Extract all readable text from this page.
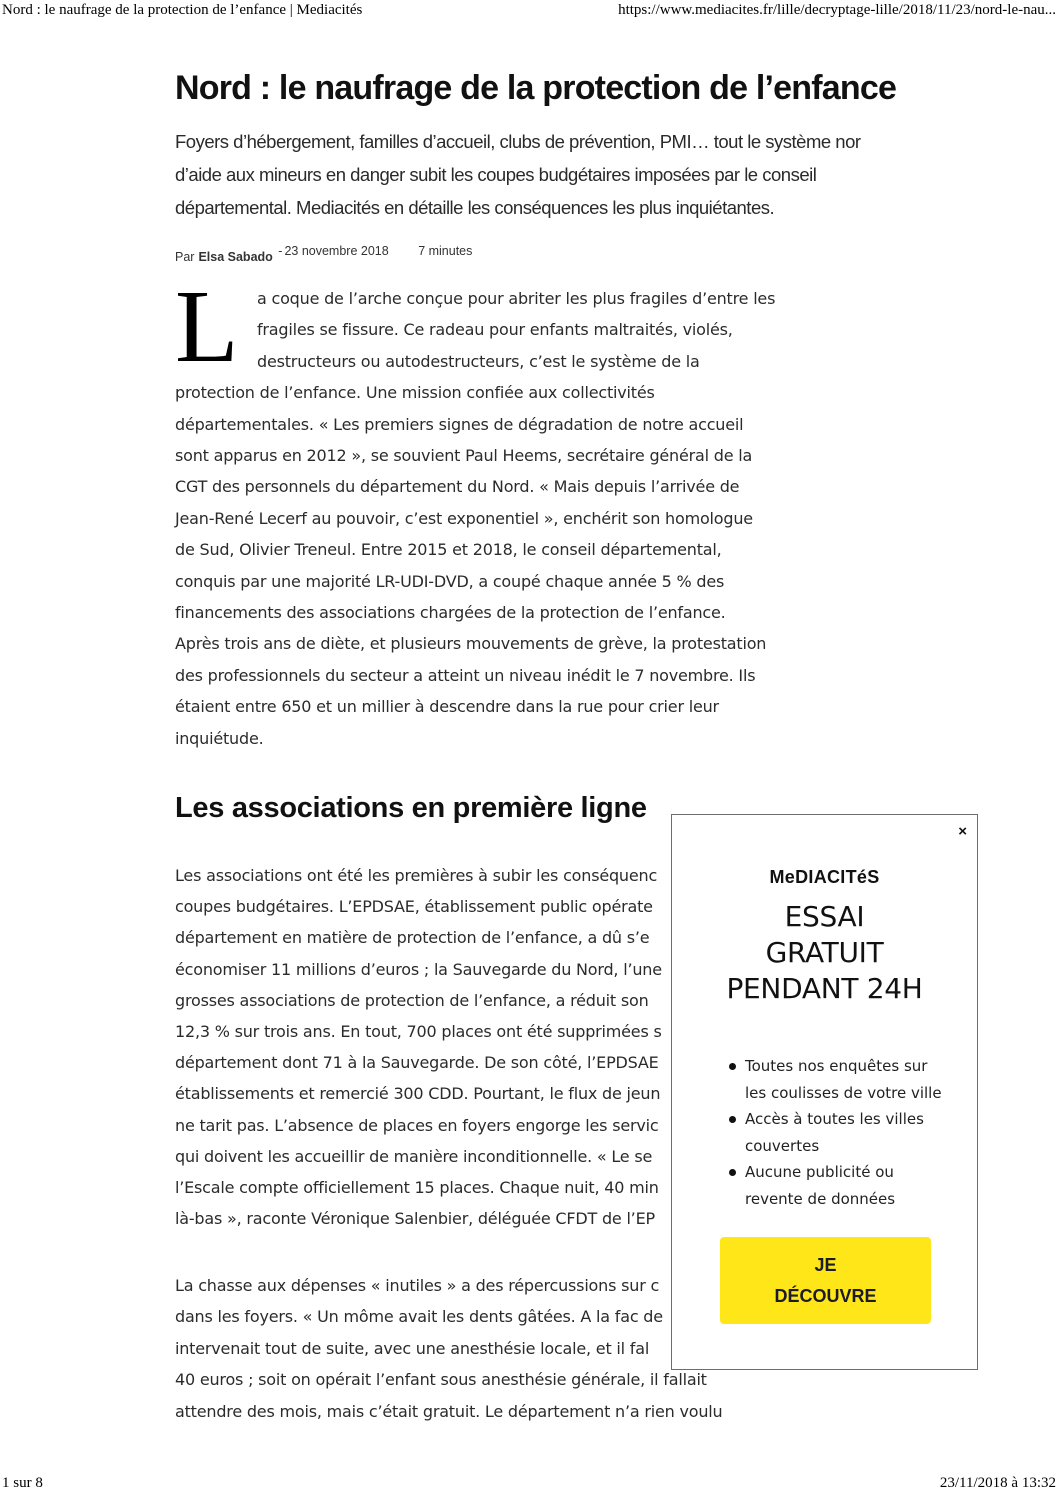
Nord : le naufrage de la protection de l’enfance | Mediacités	https://www.mediacites.fr/lille/decryptage-lille/2018/11/23/nord-le-nau...
Nord : le naufrage de la protection de l’enfance

Foyers d’hébergement, familles d’accueil, clubs de prévention, PMI… tout le système nor
d’aide aux mineurs en danger subit les coupes budgétaires imposées par le conseil
départemental. Mediacités en détaille les conséquences les plus inquiétantes.

Par Elsa Sabado - 23 novembre 2018 7 minutes

L	a coque de l’arche conçue pour abriter les plus fragiles d’entre les
fragiles se fissure. Ce radeau pour enfants maltraités, violés,
destructeurs ou autodestructeurs, c’est le système de la
protection de l’enfance. Une mission confiée aux collectivités
départementales. « Les premiers signes de dégradation de notre accueil
sont apparus en 2012 », se souvient Paul Heems, secrétaire général de la
CGT des personnels du département du Nord. « Mais depuis l’arrivée de
Jean-René Lecerf au pouvoir, c’est exponentiel », enchérit son homologue
de Sud, Olivier Treneul. Entre 2015 et 2018, le conseil départemental,
conquis par une majorité LR-UDI-DVD, a coupé chaque année 5 % des
financements des associations chargées de la protection de l’enfance.
Après trois ans de diète, et plusieurs mouvements de grève, la protestation
des professionnels du secteur a atteint un niveau inédit le 7 novembre. Ils
étaient entre 650 et un millier à descendre dans la rue pour crier leur
inquiétude.

Les associations en première ligne

Les associations ont été les premières à subir les conséquenc
coupes budgétaires. L’EPDSAE, établissement public opérate
département en matière de protection de l’enfance, a dû s’e
économiser 11 millions d’euros ; la Sauvegarde du Nord, l’une
grosses associations de protection de l’enfance, a réduit son
12,3 % sur trois ans. En tout, 700 places ont été supprimées s
département dont 71 à la Sauvegarde. De son côté, l’EPDSAE
établissements et remercié 300 CDD. Pourtant, le flux de jeun
ne tarit pas. L’absence de places en foyers engorge les servic
qui doivent les accueillir de manière inconditionnelle. « Le se
l’Escale compte officiellement 15 places. Chaque nuit, 40 min
là-bas », raconte Véronique Salenbier, déléguée CFDT de l’EP

La chasse aux dépenses « inutiles » a des répercussions sur c
dans les foyers. « Un môme avait les dents gâtées. A la fac de
intervenait tout de suite, avec une anesthésie locale, et il fal
40 euros ; soit on opérait l’enfant sous anesthésie générale, il fallait
attendre des mois, mais c’était gratuit. Le département n’a rien voulu

×
MeDIACITéS
ESSAI
GRATUIT
PENDANT 24H
Toutes nos enquêtes sur
les coulisses de votre ville
Accès à toutes les villes
couvertes
Aucune publicité ou
revente de données
JE
DÉCOUVRE
1 sur 8	23/11/2018 à 13:32
